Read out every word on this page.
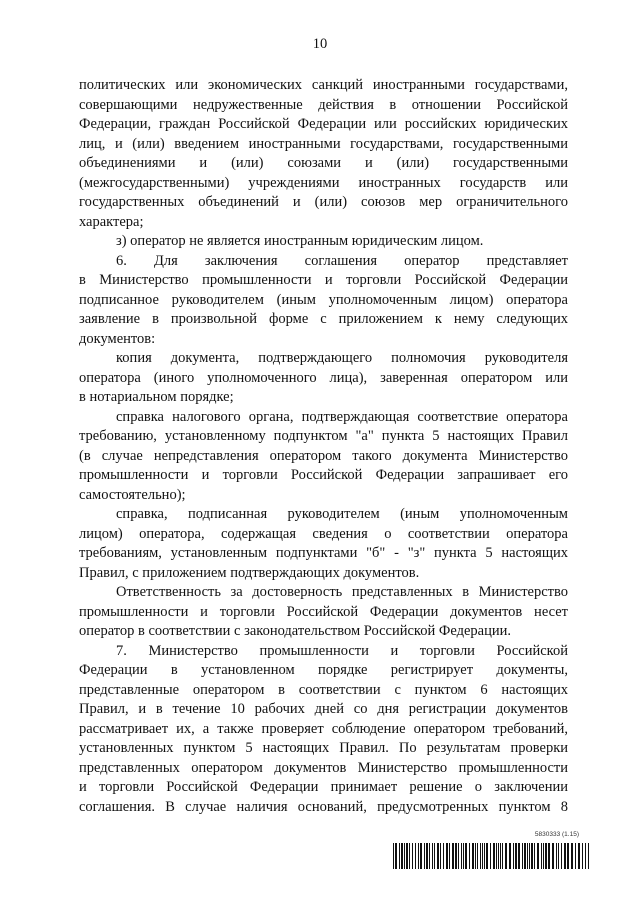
10

политических или экономических санкций иностранными государствами,

совершающими недружественные действия в отношении Российской

Федерации, граждан Российской Федерации или российских юридических

лиц, и (или) введением иностранными государствами, государственными

объединениями и (или) союзами и (или) государственными

(межгосударственными) учреждениями иностранных государств или

государственных объединений и (или) союзов мер ограничительного

характера;

з) оператор не является иностранным юридическим лицом.

6. Для заключения соглашения оператор представляет

в Министерство промышленности и торговли Российской Федерации

подписанное руководителем (иным уполномоченным лицом) оператора

заявление в произвольной форме с приложением к нему следующих

документов:

копия документа, подтверждающего полномочия руководителя

оператора (иного уполномоченного лица), заверенная оператором или

в нотариальном порядке;

справка налогового органа, подтверждающая соответствие оператора

требованию, установленному подпунктом "а" пункта 5 настоящих Правил

(в случае непредставления оператором такого документа Министерство

промышленности и торговли Российской Федерации запрашивает его

самостоятельно);

справка, подписанная руководителем (иным уполномоченным

лицом) оператора, содержащая сведения о соответствии оператора

требованиям, установленным подпунктами "б" - "з" пункта 5 настоящих

Правил, с приложением подтверждающих документов.

Ответственность за достоверность представленных в Министерство

промышленности и торговли Российской Федерации документов несет

оператор в соответствии с законодательством Российской Федерации.

7. Министерство промышленности и торговли Российской

Федерации в установленном порядке регистрирует документы,

представленные оператором в соответствии с пунктом 6 настоящих

Правил, и в течение 10 рабочих дней со дня регистрации документов

рассматривает их, а также проверяет соблюдение оператором требований,

установленных пунктом 5 настоящих Правил. По результатам проверки

представленных оператором документов Министерство промышленности

и торговли Российской Федерации принимает решение о заключении

соглашения. В случае наличия оснований, предусмотренных пунктом 8

5830333 (1.15)
